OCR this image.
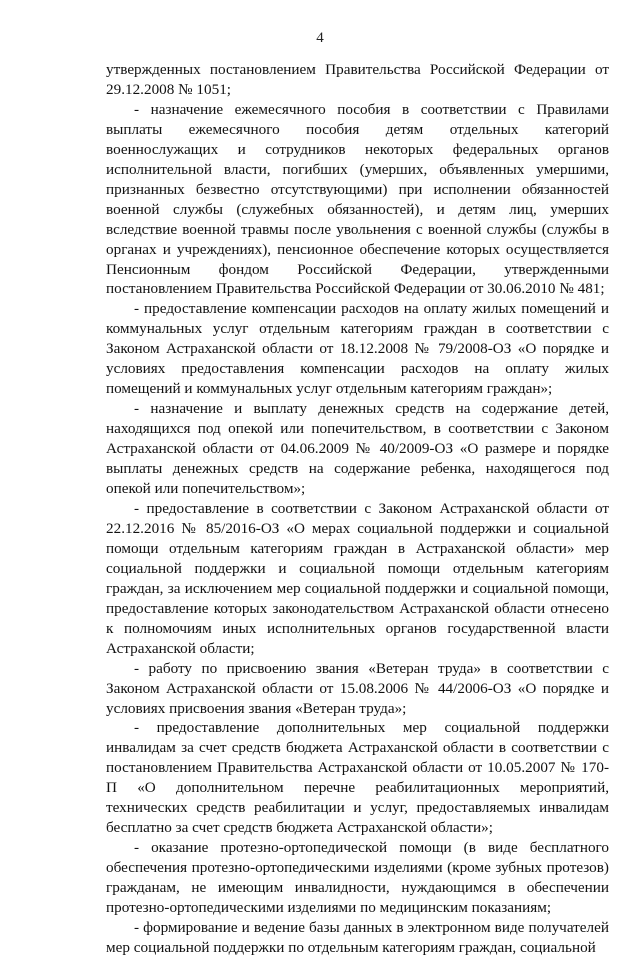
4

утвержденных постановлением Правительства Российской Федерации от 29.12.2008 № 1051;

- назначение ежемесячного пособия в соответствии с Правилами выплаты ежемесячного пособия детям отдельных категорий военнослужащих и сотрудников некоторых федеральных органов исполнительной власти, погибших (умерших, объявленных умершими, признанных безвестно отсутствующими) при исполнении обязанностей военной службы (служебных обязанностей), и детям лиц, умерших вследствие военной травмы после увольнения с военной службы (службы в органах и учреждениях), пенсионное обеспечение которых осуществляется Пенсионным фондом Российской Федерации, утвержденными постановлением Правительства Российской Федерации от 30.06.2010 № 481;

- предоставление компенсации расходов на оплату жилых помещений и коммунальных услуг отдельным категориям граждан в соответствии с Законом Астраханской области от 18.12.2008 № 79/2008-ОЗ «О порядке и условиях предоставления компенсации расходов на оплату жилых помещений и коммунальных услуг отдельным категориям граждан»;

- назначение и выплату денежных средств на содержание детей, находящихся под опекой или попечительством, в соответствии с Законом Астраханской области от 04.06.2009 № 40/2009-ОЗ «О размере и порядке выплаты денежных средств на содержание ребенка, находящегося под опекой или попечительством»;

- предоставление в соответствии с Законом Астраханской области от 22.12.2016 № 85/2016-ОЗ «О мерах социальной поддержки и социальной помощи отдельным категориям граждан в Астраханской области» мер социальной поддержки и социальной помощи отдельным категориям граждан, за исключением мер социальной поддержки и социальной помощи, предоставление которых законодательством Астраханской области отнесено к полномочиям иных исполнительных органов государственной власти Астраханской области;

- работу по присвоению звания «Ветеран труда» в соответствии с Законом Астраханской области от 15.08.2006 № 44/2006-ОЗ «О порядке и условиях присвоения звания «Ветеран труда»;

- предоставление дополнительных мер социальной поддержки инвалидам за счет средств бюджета Астраханской области в соответствии с постановлением Правительства Астраханской области от 10.05.2007 № 170-П «О дополнительном перечне реабилитационных мероприятий, технических средств реабилитации и услуг, предоставляемых инвалидам бесплатно за счет средств бюджета Астраханской области»;

- оказание протезно-ортопедической помощи (в виде бесплатного обеспечения протезно-ортопедическими изделиями (кроме зубных протезов) гражданам, не имеющим инвалидности, нуждающимся в обеспечении протезно-ортопедическими изделиями по медицинским показаниям;

- формирование и ведение базы данных в электронном виде получателей мер социальной поддержки по отдельным категориям граждан, социальной
